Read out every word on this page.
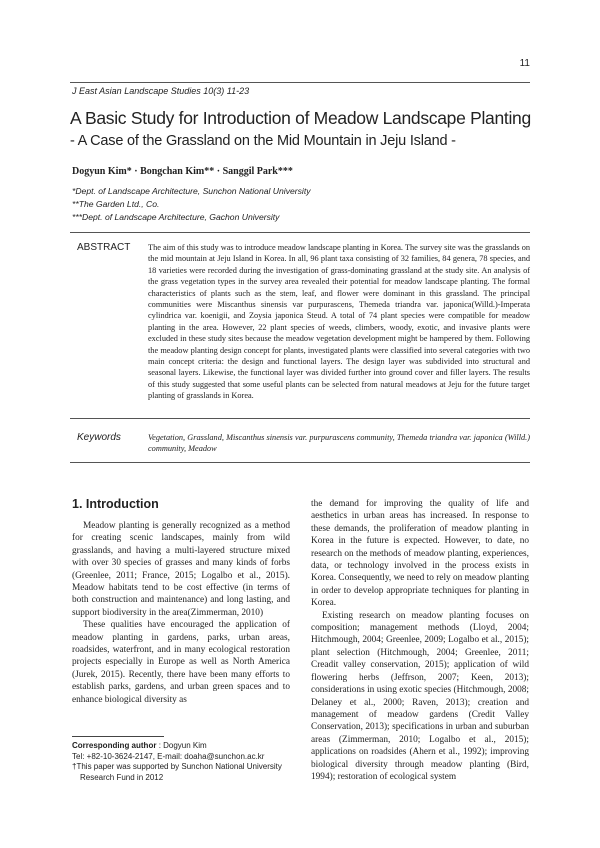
11
J East Asian Landscape Studies 10(3) 11-23
A Basic Study for Introduction of Meadow Landscape Planting
- A Case of the Grassland on the Mid Mountain in Jeju Island -
Dogyun Kim* · Bongchan Kim** · Sanggil Park***
*Dept. of Landscape Architecture, Sunchon National University
**The Garden Ltd., Co.
***Dept. of Landscape Architecture, Gachon University
ABSTRACT The aim of this study was to introduce meadow landscape planting in Korea. The survey site was the grasslands on the mid mountain at Jeju Island in Korea. In all, 96 plant taxa consisting of 32 families, 84 genera, 78 species, and 18 varieties were recorded during the investigation of grass-dominating grassland at the study site. An analysis of the grass vegetation types in the survey area revealed their potential for meadow landscape planting. The formal characteristics of plants such as the stem, leaf, and flower were dominant in this grassland. The principal communities were Miscanthus sinensis var purpurascens, Themeda triandra var. japonica(Willd.)-Imperata cylindrica var. koenigii, and Zoysia japonica Steud. A total of 74 plant species were compatible for meadow planting in the area. However, 22 plant species of weeds, climbers, woody, exotic, and invasive plants were excluded in these study sites because the meadow vegetation development might be hampered by them. Following the meadow planting design concept for plants, investigated plants were classified into several categories with two main concept criteria: the design and functional layers. The design layer was subdivided into structural and seasonal layers. Likewise, the functional layer was divided further into ground cover and filler layers. The results of this study suggested that some useful plants can be selected from natural meadows at Jeju for the future target planting of grasslands in Korea.
Keywords	Vegetation, Grassland, Miscanthus sinensis var. purpurascens community, Themeda triandra var. japonica (Willd.) community, Meadow
1. Introduction

Meadow planting is generally recognized as a method for creating scenic landscapes, mainly from wild grasslands, and having a multi-layered structure mixed with over 30 species of grasses and many kinds of forbs (Greenlee, 2011; France, 2015; Logalbo et al., 2015). Meadow habitats tend to be cost effective (in terms of both construction and maintenance) and long lasting, and support biodiversity in the area(Zimmerman, 2010)

These qualities have encouraged the application of meadow planting in gardens, parks, urban areas, roadsides, waterfront, and in many ecological restoration projects especially in Europe as well as North America (Jurek, 2015). Recently, there have been many efforts to establish parks, gardens, and urban green spaces and to enhance biological diversity as

the demand for improving the quality of life and aesthetics in urban areas has increased. In response to these demands, the proliferation of meadow planting in Korea in the future is expected. However, to date, no research on the methods of meadow planting, experiences, data, or technology involved in the process exists in Korea. Consequently, we need to rely on meadow planting in order to develop appropriate techniques for planting in Korea.

Existing research on meadow planting focuses on composition; management methods (Lloyd, 2004; Hitchmough, 2004; Greenlee, 2009; Logalbo et al., 2015); plant selection (Hitchmough, 2004; Greenlee, 2011; Creadit valley conservation, 2015); application of wild flowering herbs (Jeffrson, 2007; Keen, 2013); considerations in using exotic species (Hitchmough, 2008; Delaney et al., 2000; Raven, 2013); creation and management of meadow gardens (Credit Valley Conservation, 2013); specifications in urban and suburban areas (Zimmerman, 2010; Logalbo et al., 2015); applications on roadsides (Ahern et al., 1992); improving biological diversity through meadow planting (Bird, 1994); restoration of ecological system

Corresponding author : Dogyun Kim
Tel: +82-10-3624-2147, E-mail: doaha@sunchon.ac.kr
†This paper was supported by Sunchon National University
Research Fund in 2012
